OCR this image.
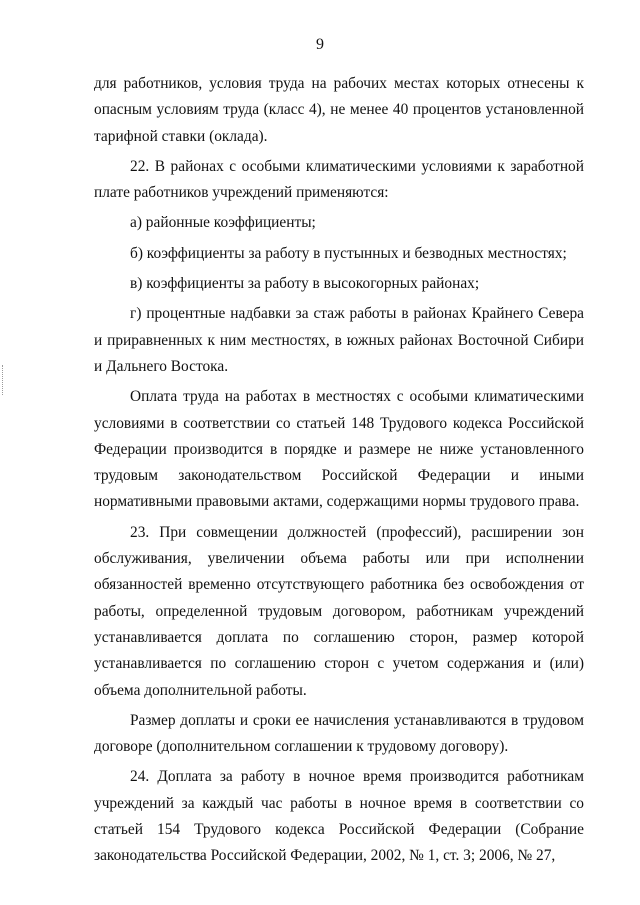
9

для работников, условия труда на рабочих местах которых отнесены к опасным условиям труда (класс 4), не менее 40 процентов установленной тарифной ставки (оклада).

22. В районах с особыми климатическими условиями к заработной плате работников учреждений применяются:

а) районные коэффициенты;

б) коэффициенты за работу в пустынных и безводных местностях;

в) коэффициенты за работу в высокогорных районах;

г) процентные надбавки за стаж работы в районах Крайнего Севера и приравненных к ним местностях, в южных районах Восточной Сибири и Дальнего Востока.

Оплата труда на работах в местностях с особыми климатическими условиями в соответствии со статьей 148 Трудового кодекса Российской Федерации производится в порядке и размере не ниже установленного трудовым законодательством Российской Федерации и иными нормативными правовыми актами, содержащими нормы трудового права.

23. При совмещении должностей (профессий), расширении зон обслуживания, увеличении объема работы или при исполнении обязанностей временно отсутствующего работника без освобождения от работы, определенной трудовым договором, работникам учреждений устанавливается доплата по соглашению сторон, размер которой устанавливается по соглашению сторон с учетом содержания и (или) объема дополнительной работы.

Размер доплаты и сроки ее начисления устанавливаются в трудовом договоре (дополнительном соглашении к трудовому договору).

24. Доплата за работу в ночное время производится работникам учреждений за каждый час работы в ночное время в соответствии со статьей 154 Трудового кодекса Российской Федерации (Собрание законодательства Российской Федерации, 2002, № 1, ст. 3; 2006, № 27,
